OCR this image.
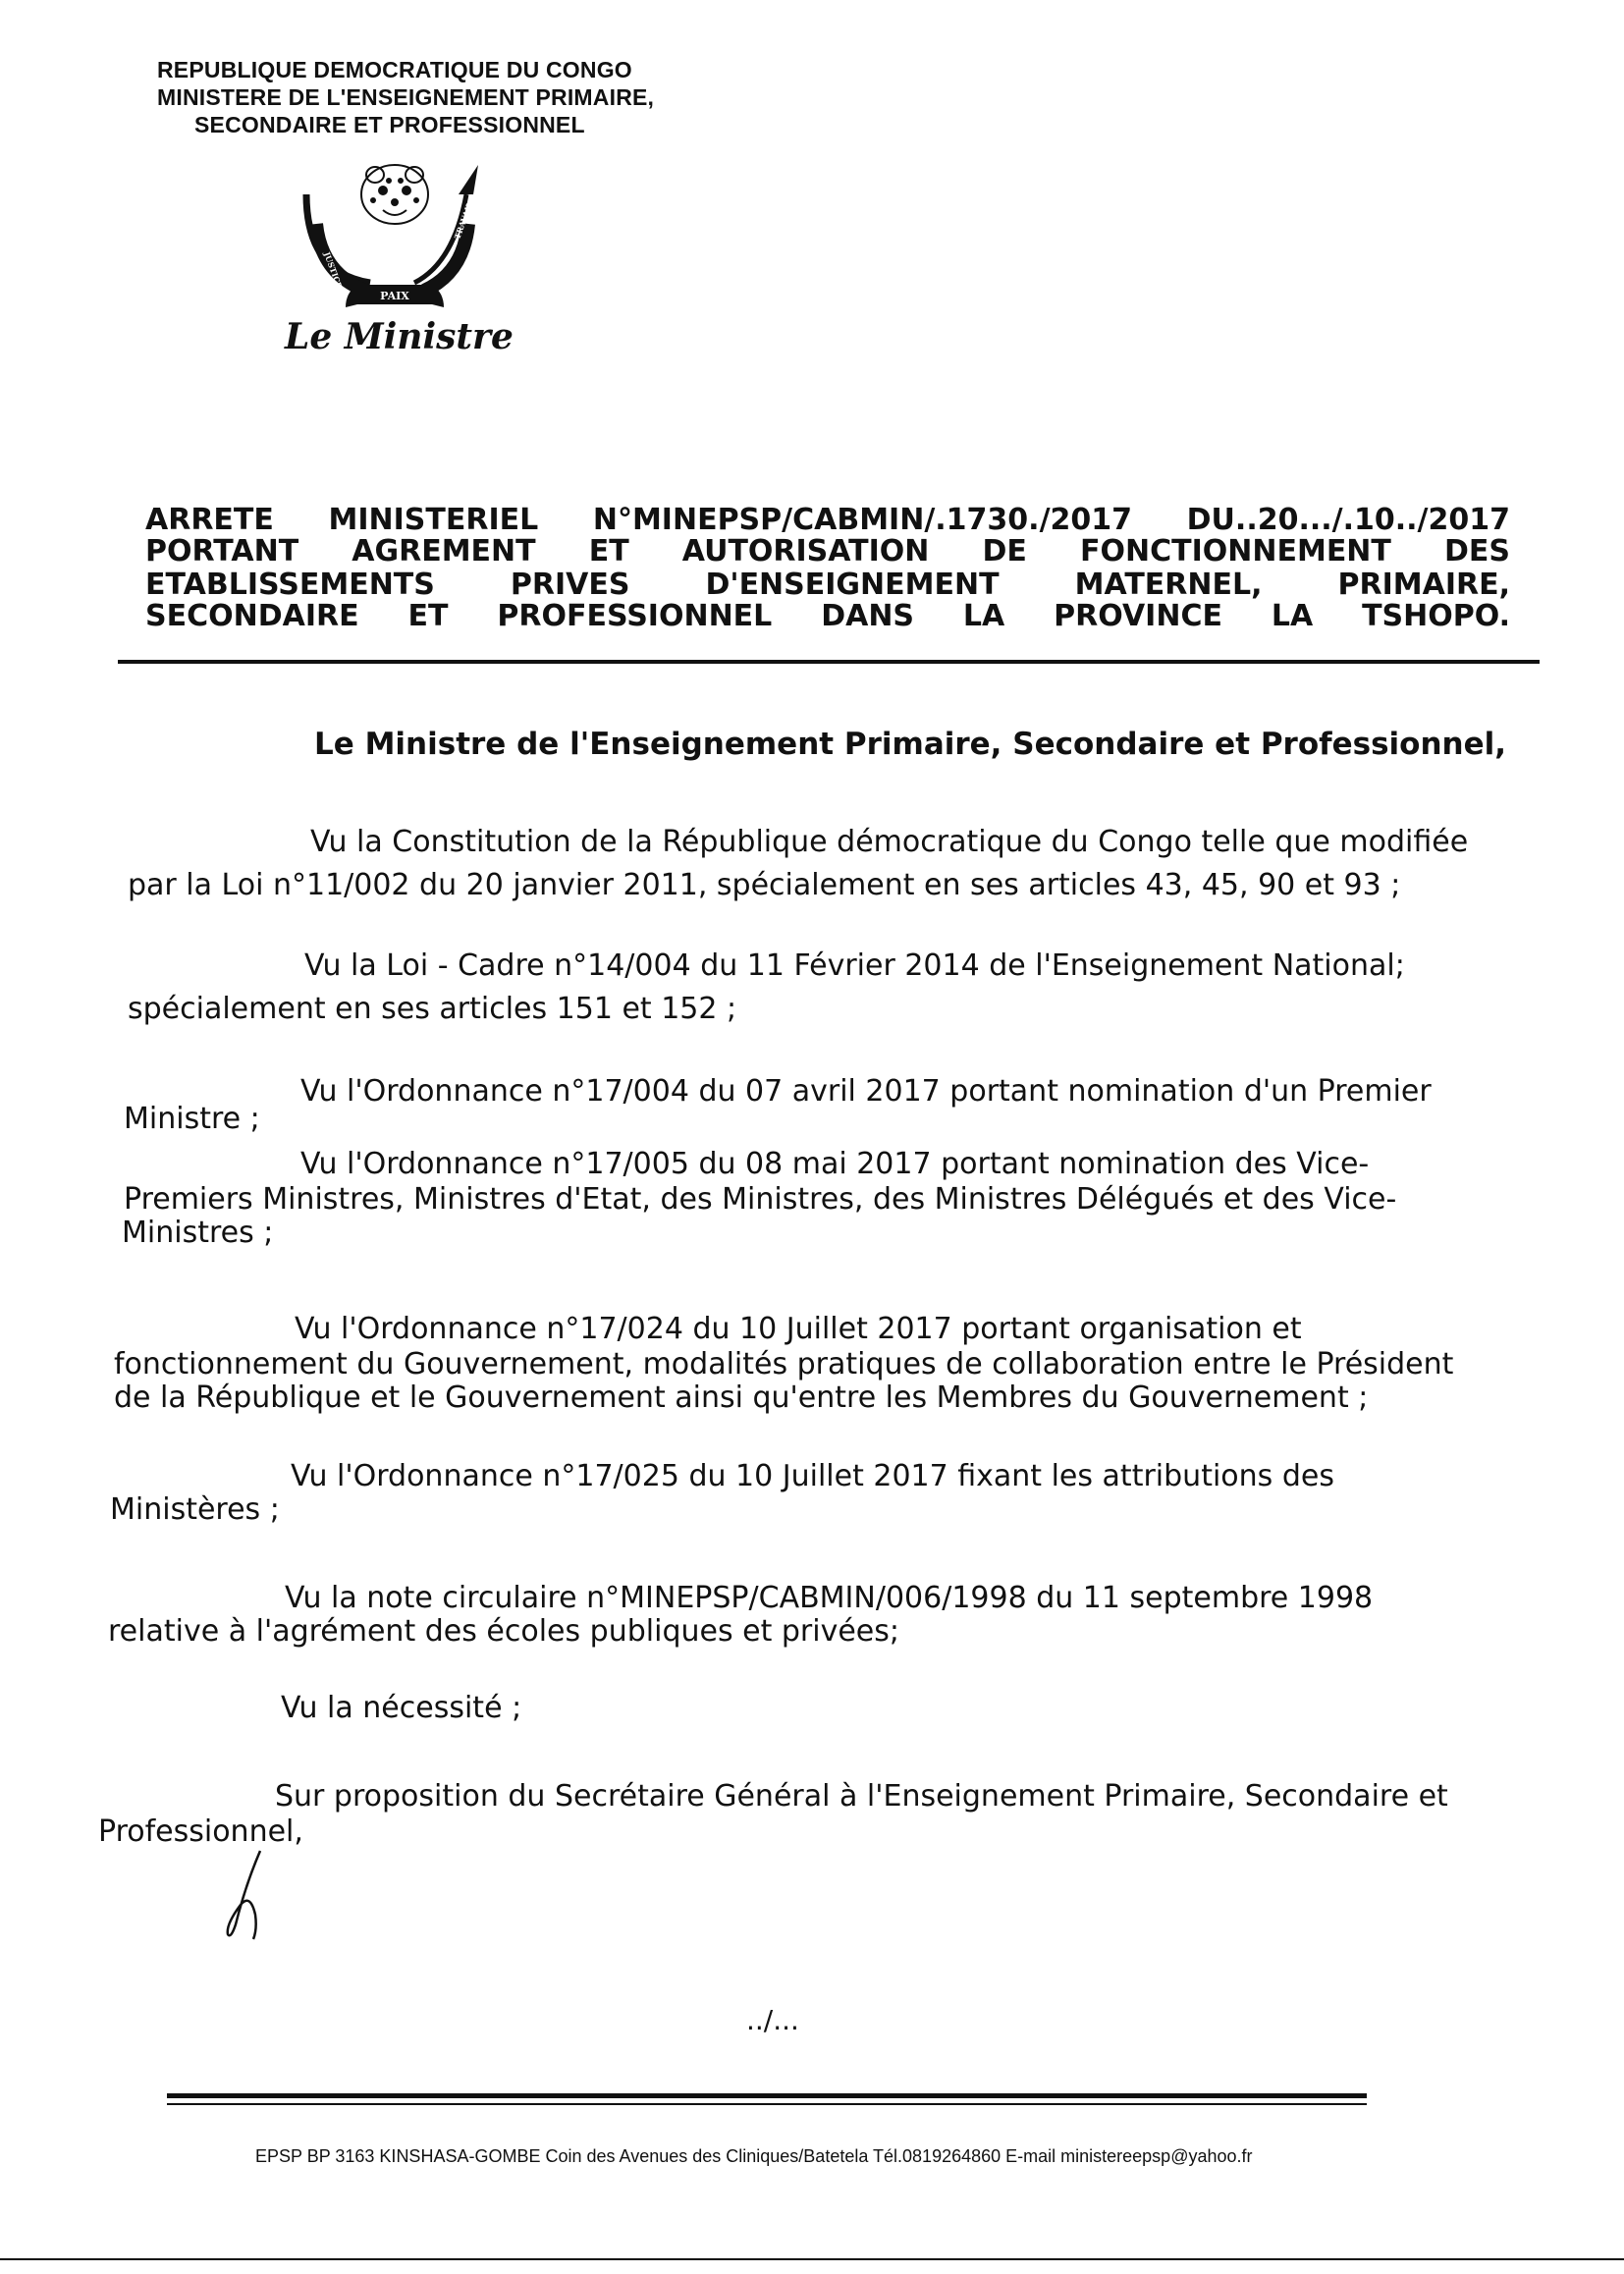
REPUBLIQUE DEMOCRATIQUE DU CONGO
MINISTERE DE L'ENSEIGNEMENT PRIMAIRE,
SECONDAIRE ET PROFESSIONNEL
PAIX
JUSTICE
TRAVAIL
Le Ministre
ARRETE MINISTERIEL N°MINEPSP/CABMIN/.1730./2017 DU..20.../.10../2017
PORTANT AGREMENT ET AUTORISATION DE FONCTIONNEMENT DES
ETABLISSEMENTS PRIVES D'ENSEIGNEMENT MATERNEL, PRIMAIRE,
SECONDAIRE ET PROFESSIONNEL DANS LA PROVINCE LA TSHOPO.
Le Ministre de l'Enseignement Primaire, Secondaire et Professionnel,
Vu la Constitution de la République démocratique du Congo telle que modifiée
par la Loi n°11/002 du 20 janvier 2011, spécialement en ses articles 43, 45, 90 et 93 ;
Vu la Loi - Cadre n°14/004 du 11 Février 2014 de l'Enseignement National;
spécialement en ses articles 151 et 152 ;
Vu l'Ordonnance n°17/004 du 07 avril 2017 portant nomination d'un Premier
Ministre ;
Vu l'Ordonnance n°17/005 du 08 mai 2017 portant nomination des Vice-
Premiers Ministres, Ministres d'Etat, des Ministres, des Ministres Délégués et des Vice-
Ministres ;
Vu l'Ordonnance n°17/024 du 10 Juillet 2017 portant organisation et
fonctionnement du Gouvernement, modalités pratiques de collaboration entre le Président
de la République et le Gouvernement ainsi qu'entre les Membres du Gouvernement ;
Vu l'Ordonnance n°17/025 du 10 Juillet 2017 fixant les attributions des
Ministères ;
Vu la note circulaire n°MINEPSP/CABMIN/006/1998 du 11 septembre 1998
relative à l'agrément des écoles publiques et privées;
Vu la nécessité ;
Sur proposition du Secrétaire Général à l'Enseignement Primaire, Secondaire et
Professionnel,
../...
EPSP BP 3163 KINSHASA-GOMBE Coin des Avenues des Cliniques/Batetela Tél.0819264860 E-mail ministereepsp@yahoo.fr
